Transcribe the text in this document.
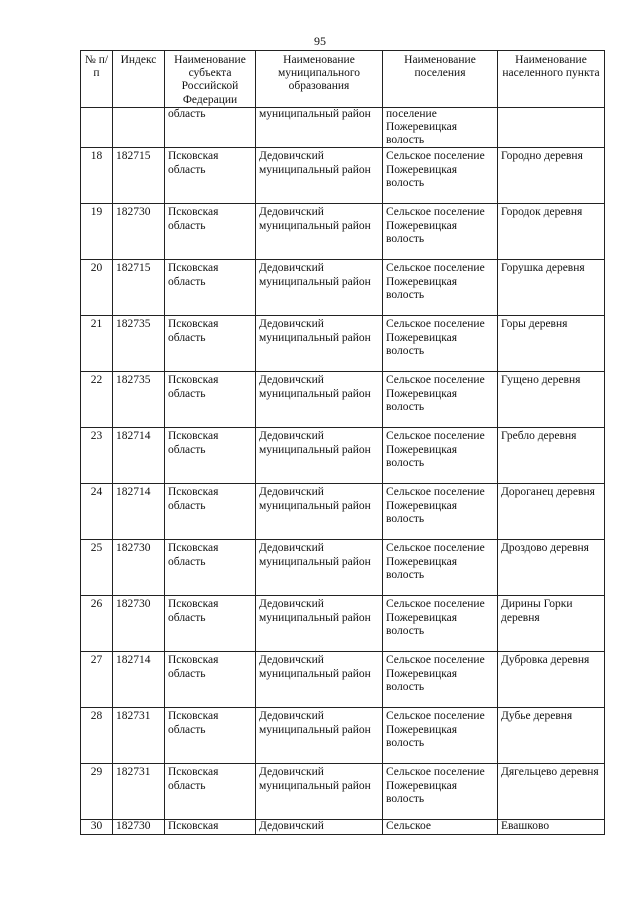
95
№ п/п	Индекс	Наименование субъекта Российской Федерации	Наименование муниципального образования	Наименование поселения	Наименование населенного пункта
		область	муниципальный район	поселение Пожеревицкая волость	
18	182715	Псковская область	Дедовичский муниципальный район	Сельское поселение Пожеревицкая волость	Городно деревня
19	182730	Псковская область	Дедовичский муниципальный район	Сельское поселение Пожеревицкая волость	Городок деревня
20	182715	Псковская область	Дедовичский муниципальный район	Сельское поселение Пожеревицкая волость	Горушка деревня
21	182735	Псковская область	Дедовичский муниципальный район	Сельское поселение Пожеревицкая волость	Горы деревня
22	182735	Псковская область	Дедовичский муниципальный район	Сельское поселение Пожеревицкая волость	Гущено деревня
23	182714	Псковская область	Дедовичский муниципальный район	Сельское поселение Пожеревицкая волость	Гребло деревня
24	182714	Псковская область	Дедовичский муниципальный район	Сельское поселение Пожеревицкая волость	Дороганец деревня
25	182730	Псковская область	Дедовичский муниципальный район	Сельское поселение Пожеревицкая волость	Дроздово деревня
26	182730	Псковская область	Дедовичский муниципальный район	Сельское поселение Пожеревицкая волость	Дирины Горки деревня
27	182714	Псковская область	Дедовичский муниципальный район	Сельское поселение Пожеревицкая волость	Дубровка деревня
28	182731	Псковская область	Дедовичский муниципальный район	Сельское поселение Пожеревицкая волость	Дубье деревня
29	182731	Псковская область	Дедовичский муниципальный район	Сельское поселение Пожеревицкая волость	Дягельцево деревня
30	182730	Псковская	Дедовичский	Сельское	Евашково
